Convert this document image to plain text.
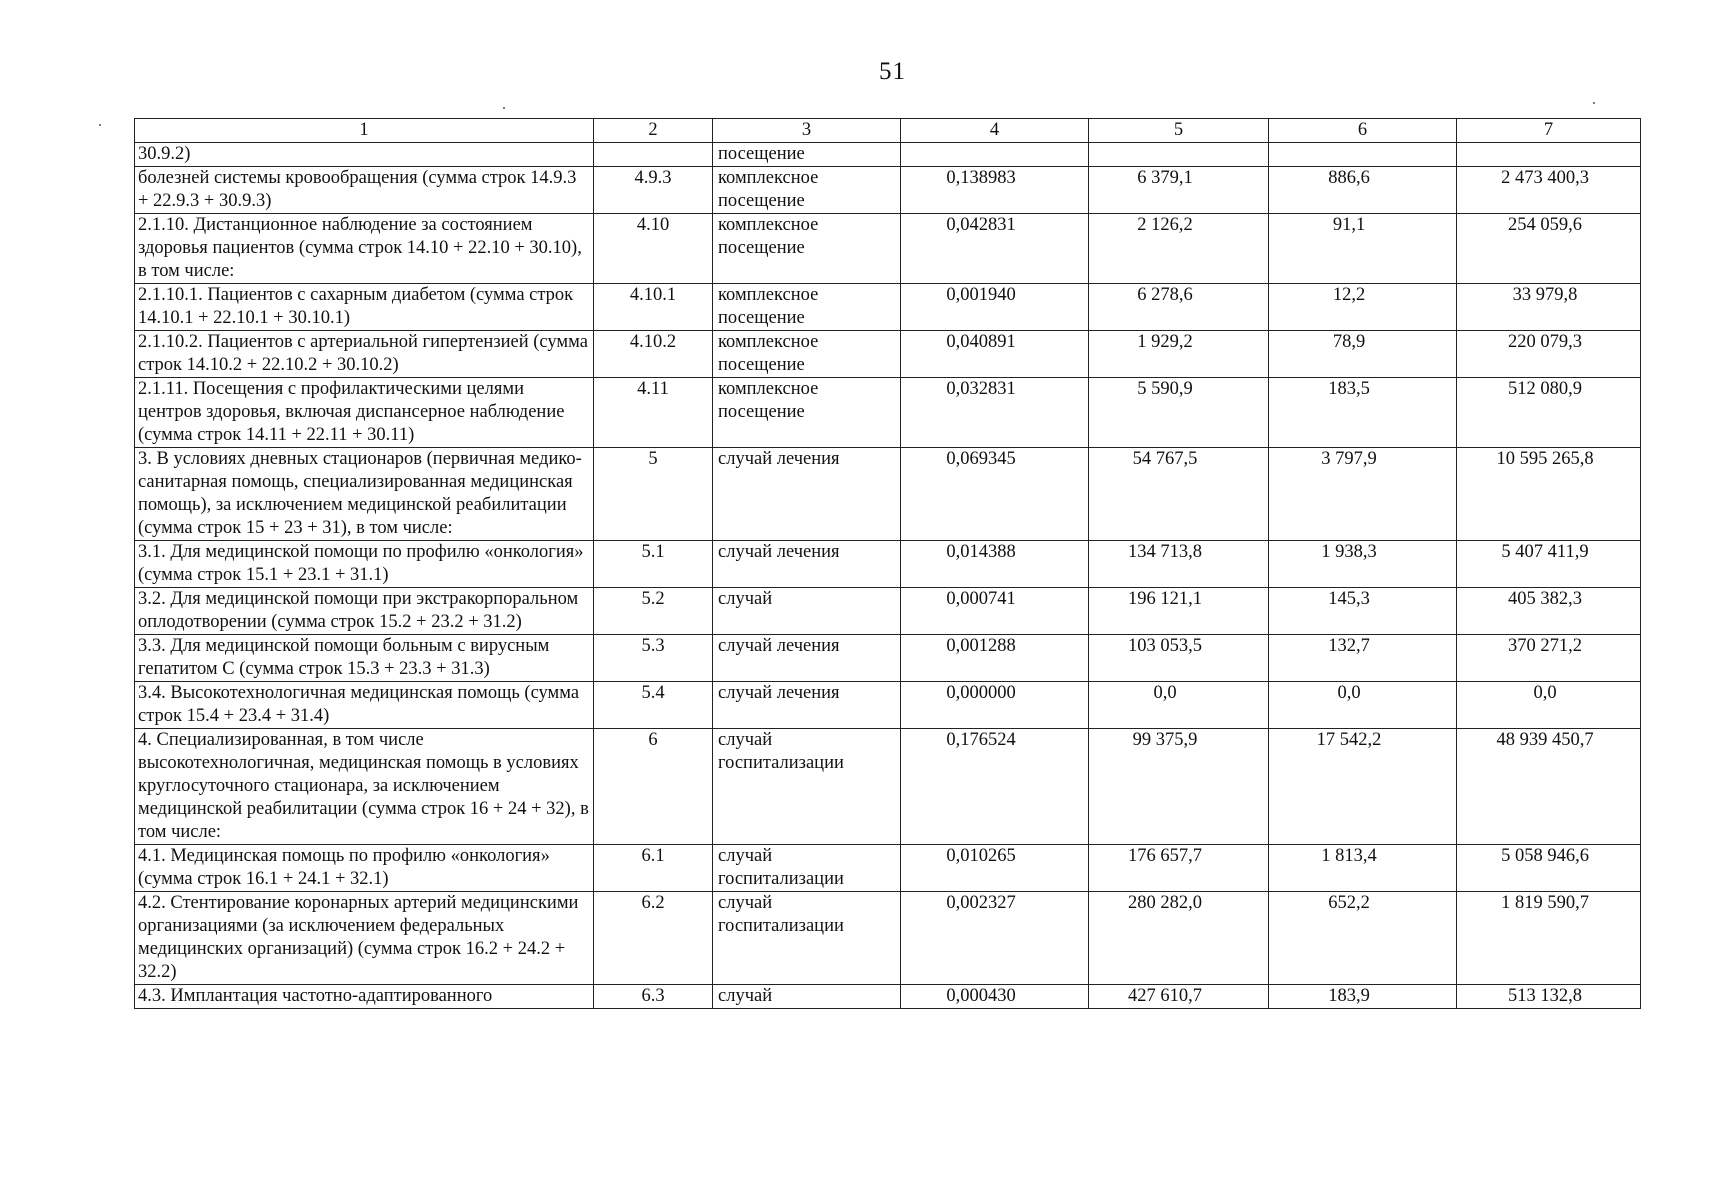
51
1	2	3	4	5	6	7
30.9.2)		посещение				
болезней системы кровообращения (сумма строк 14.9.3 + 22.9.3 + 30.9.3)	4.9.3	комплексное посещение	0,138983	6 379,1	886,6	2 473 400,3
2.1.10. Дистанционное наблюдение за состоянием здоровья пациентов (сумма строк 14.10 + 22.10 + 30.10), в том числе:	4.10	комплексное посещение	0,042831	2 126,2	91,1	254 059,6
2.1.10.1. Пациентов с сахарным диабетом (сумма строк 14.10.1 + 22.10.1 + 30.10.1)	4.10.1	комплексное посещение	0,001940	6 278,6	12,2	33 979,8
2.1.10.2. Пациентов с артериальной гипертензией (сумма строк 14.10.2 + 22.10.2 + 30.10.2)	4.10.2	комплексное посещение	0,040891	1 929,2	78,9	220 079,3
2.1.11. Посещения с профилактическими целями центров здоровья, включая диспансерное наблюдение (сумма строк 14.11 + 22.11 + 30.11)	4.11	комплексное посещение	0,032831	5 590,9	183,5	512 080,9
3. В условиях дневных стационаров (первичная медико-санитарная помощь, специализированная медицинская помощь), за исключением медицинской реабилитации (сумма строк 15 + 23 + 31), в том числе:	5	случай лечения	0,069345	54 767,5	3 797,9	10 595 265,8
3.1. Для медицинской помощи по профилю «онкология» (сумма строк 15.1 + 23.1 + 31.1)	5.1	случай лечения	0,014388	134 713,8	1 938,3	5 407 411,9
3.2. Для медицинской помощи при экстракорпоральном оплодотворении (сумма строк 15.2 + 23.2 + 31.2)	5.2	случай	0,000741	196 121,1	145,3	405 382,3
3.3. Для медицинской помощи больным с вирусным гепатитом С (сумма строк 15.3 + 23.3 + 31.3)	5.3	случай лечения	0,001288	103 053,5	132,7	370 271,2
3.4. Высокотехнологичная медицинская помощь (сумма строк 15.4 + 23.4 + 31.4)	5.4	случай лечения	0,000000	0,0	0,0	0,0
4. Специализированная, в том числе высокотехнологичная, медицинская помощь в условиях круглосуточного стационара, за исключением медицинской реабилитации (сумма строк 16 + 24 + 32), в том числе:	6	случай госпитализации	0,176524	99 375,9	17 542,2	48 939 450,7
4.1. Медицинская помощь по профилю «онкология» (сумма строк 16.1 + 24.1 + 32.1)	6.1	случай госпитализации	0,010265	176 657,7	1 813,4	5 058 946,6
4.2. Стентирование коронарных артерий медицинскими организациями (за исключением федеральных медицинских организаций) (сумма строк 16.2 + 24.2 + 32.2)	6.2	случай госпитализации	0,002327	280 282,0	652,2	1 819 590,7
4.3. Имплантация частотно-адаптированного	6.3	случай	0,000430	427 610,7	183,9	513 132,8
